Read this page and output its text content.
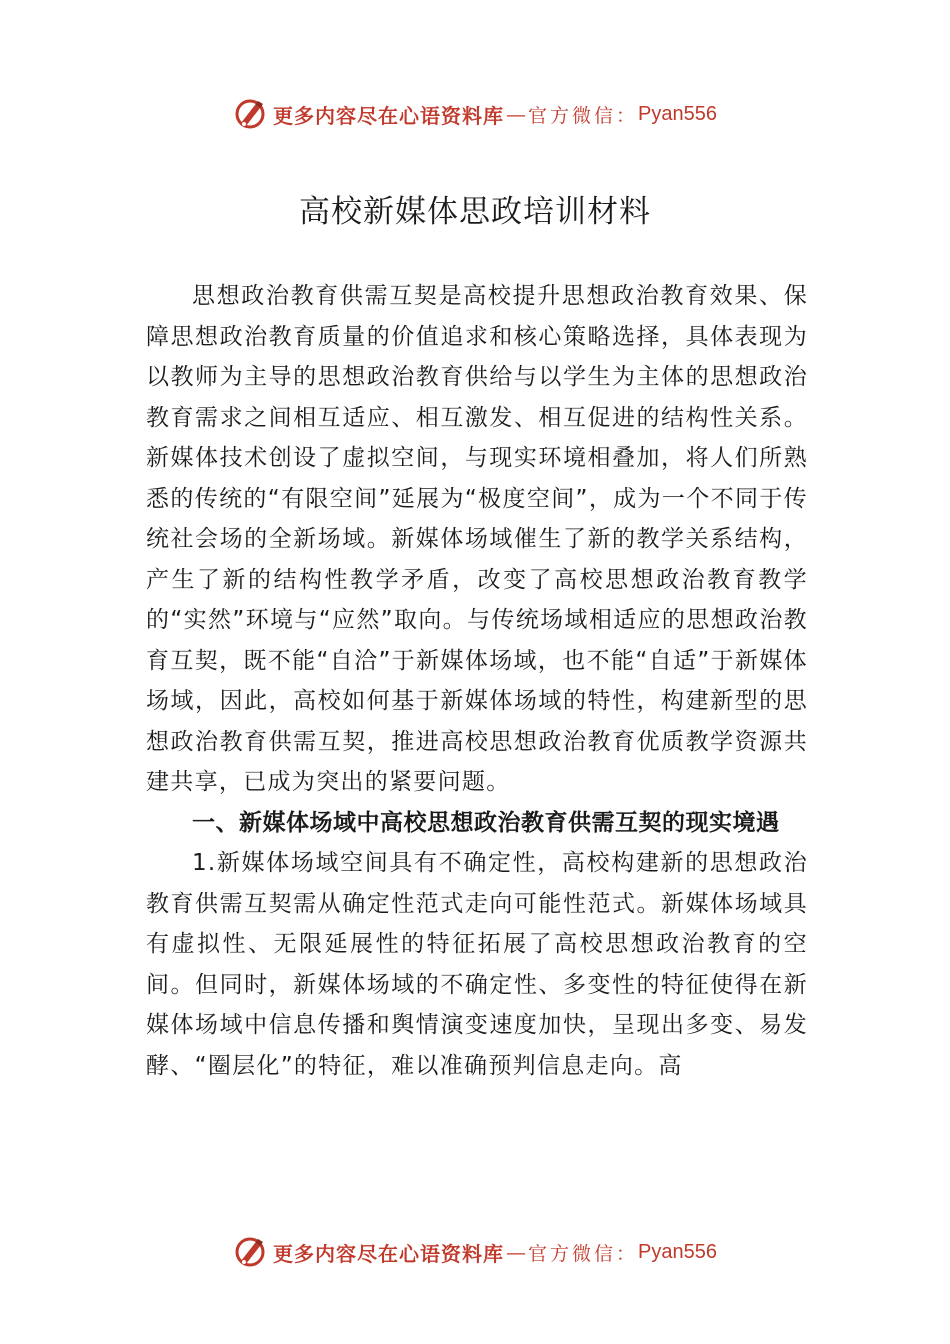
更多内容尽在心语资料库 — 官方微信： Pyan556
高校新媒体思政培训材料

思想政治教育供需互契是高校提升思想政治教育效果、保障思想政治教育质量的价值追求和核心策略选择，具体表现为以教师为主导的思想政治教育供给与以学生为主体的思想政治教育需求之间相互适应、相互激发、相互促进的结构性关系。新媒体技术创设了虚拟空间，与现实环境相叠加，将人们所熟悉的传统的“有限空间”延展为“极度空间”，成为一个不同于传统社会场的全新场域。新媒体场域催生了新的教学关系结构，产生了新的结构性教学矛盾，改变了高校思想政治教育教学的“实然”环境与“应然”取向。与传统场域相适应的思想政治教育互契，既不能“自洽”于新媒体场域，也不能“自适”于新媒体场域，因此，高校如何基于新媒体场域的特性，构建新型的思想政治教育供需互契，推进高校思想政治教育优质教学资源共建共享，已成为突出的紧要问题。

一、新媒体场域中高校思想政治教育供需互契的现实境遇

1.新媒体场域空间具有不确定性，高校构建新的思想政治教育供需互契需从确定性范式走向可能性范式。新媒体场域具有虚拟性、无限延展性的特征拓展了高校思想政治教育的空间。但同时，新媒体场域的不确定性、多变性的特征使得在新媒体场域中信息传播和舆情演变速度加快，呈现出多变、易发酵、“圈层化”的特征，难以准确预判信息走向。高

更多内容尽在心语资料库 — 官方微信： Pyan556
